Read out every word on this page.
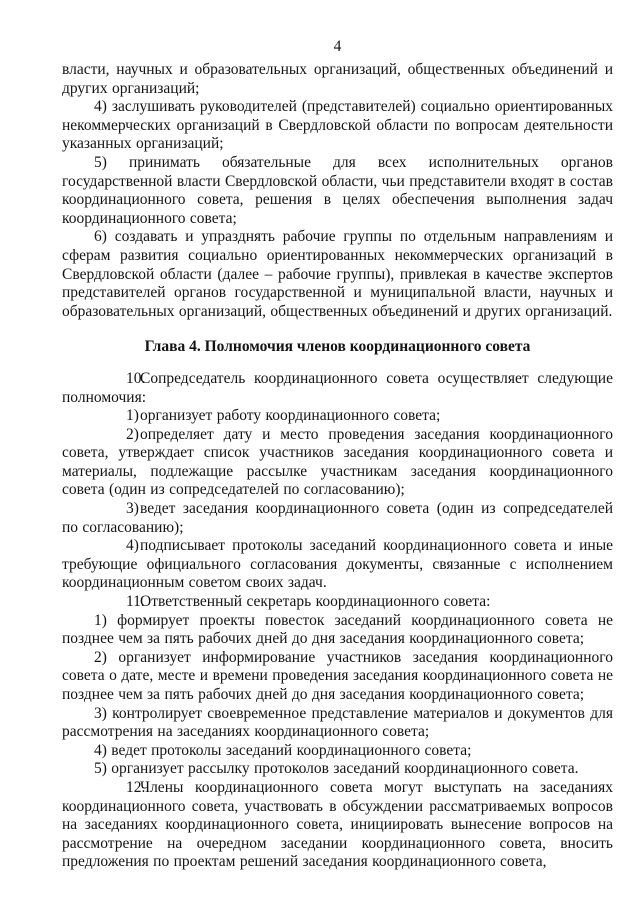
4

власти, научных и образовательных организаций, общественных объединений и других организаций;

4) заслушивать руководителей (представителей) социально ориентированных некоммерческих организаций в Свердловской области по вопросам деятельности указанных организаций;

5) принимать обязательные для всех исполнительных органов государственной власти Свердловской области, чьи представители входят в состав координационного совета, решения в целях обеспечения выполнения задач координационного совета;

6) создавать и упразднять рабочие группы по отдельным направлениям и сферам развития социально ориентированных некоммерческих организаций в Свердловской области (далее – рабочие группы), привлекая в качестве экспертов представителей органов государственной и муниципальной власти, научных и образовательных организаций, общественных объединений и других организаций.

Глава 4. Полномочия членов координационного совета

10.Сопредседатель координационного совета осуществляет следующие полномочия:

1)организует работу координационного совета;

2)определяет дату и место проведения заседания координационного совета, утверждает список участников заседания координационного совета и материалы, подлежащие рассылке участникам заседания координационного совета (один из сопредседателей по согласованию);

3)ведет заседания координационного совета (один из сопредседателей по согласованию);

4)подписывает протоколы заседаний координационного совета и иные требующие официального согласования документы, связанные с исполнением координационным советом своих задач.

11.Ответственный секретарь координационного совета:

1) формирует проекты повесток заседаний координационного совета не позднее чем за пять рабочих дней до дня заседания координационного совета;

2) организует информирование участников заседания координационного совета о дате, месте и времени проведения заседания координационного совета не позднее чем за пять рабочих дней до дня заседания координационного совета;

3) контролирует своевременное представление материалов и документов для рассмотрения на заседаниях координационного совета;

4) ведет протоколы заседаний координационного совета;

5) организует рассылку протоколов заседаний координационного совета.

12.Члены координационного совета могут выступать на заседаниях координационного совета, участвовать в обсуждении рассматриваемых вопросов на заседаниях координационного совета, инициировать вынесение вопросов на рассмотрение на очередном заседании координационного совета, вносить предложения по проектам решений заседания координационного совета,
